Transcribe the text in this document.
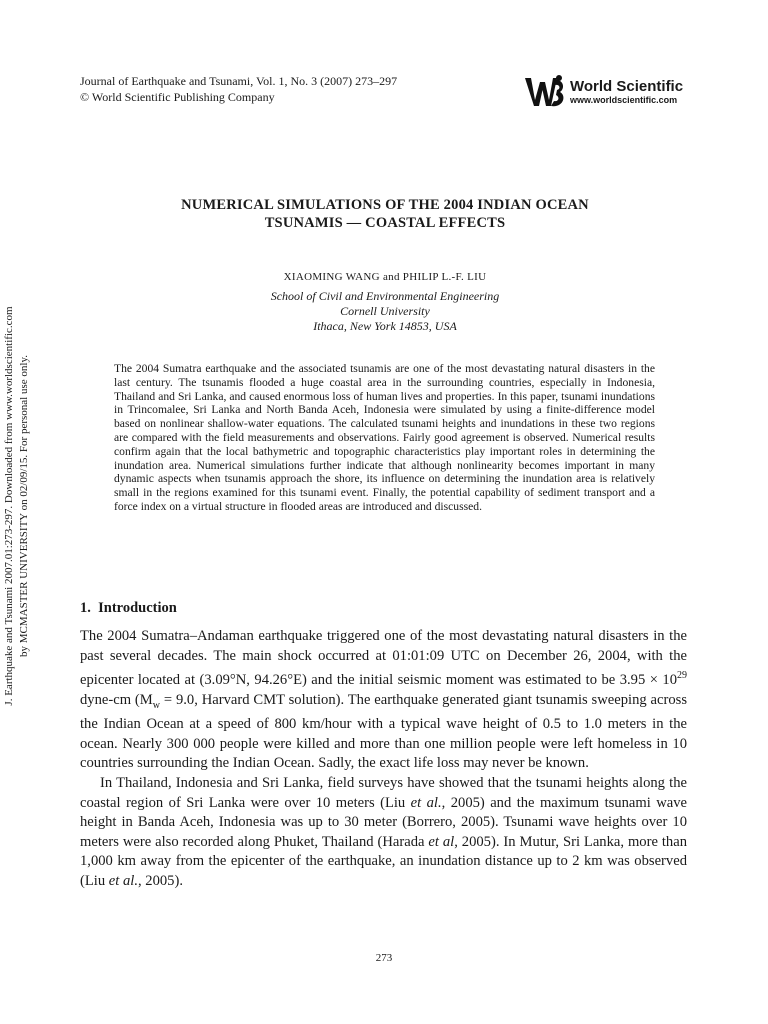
Journal of Earthquake and Tsunami, Vol. 1, No. 3 (2007) 273–297
© World Scientific Publishing Company
World Scientific
www.worldscientific.com
J. Earthquake and Tsunami 2007.01:273-297. Downloaded from www.worldscientific.com by MCMASTER UNIVERSITY on 02/09/15. For personal use only.
NUMERICAL SIMULATIONS OF THE 2004 INDIAN OCEAN
TSUNAMIS — COASTAL EFFECTS
XIAOMING WANG and PHILIP L.-F. LIU
School of Civil and Environmental Engineering
Cornell University
Ithaca, New York 14853, USA
The 2004 Sumatra earthquake and the associated tsunamis are one of the most devastating natural disasters in the last century. The tsunamis flooded a huge coastal area in the surrounding countries, especially in Indonesia, Thailand and Sri Lanka, and caused enormous loss of human lives and properties. In this paper, tsunami inundations in Trincomalee, Sri Lanka and North Banda Aceh, Indonesia were simulated by using a finite-difference model based on nonlinear shallow-water equations. The calculated tsunami heights and inundations in these two regions are compared with the field measurements and observations. Fairly good agreement is observed. Numerical results confirm again that the local bathymetric and topographic characteristics play important roles in determining the inundation area. Numerical simulations further indicate that although nonlinearity becomes important in many dynamic aspects when tsunamis approach the shore, its influence on determining the inundation area is relatively small in the regions examined for this tsunami event. Finally, the potential capability of sediment transport and a force index on a virtual structure in flooded areas are introduced and discussed.
1. Introduction

The 2004 Sumatra–Andaman earthquake triggered one of the most devastating natural disasters in the past several decades. The main shock occurred at 01:01:09 UTC on December 26, 2004, with the epicenter located at (3.09°N, 94.26°E) and the initial seismic moment was estimated to be $3.95 \times 10^{29}$ dyne-cm ($M_w = 9.0$, Harvard CMT solution). The earthquake generated giant tsunamis sweeping across the Indian Ocean at a speed of 800 km/hour with a typical wave height of 0.5 to 1.0 meters in the ocean. Nearly 300 000 people were killed and more than one million people were left homeless in 10 countries surrounding the Indian Ocean. Sadly, the exact life loss may never be known.

In Thailand, Indonesia and Sri Lanka, field surveys have showed that the tsunami heights along the coastal region of Sri Lanka were over 10 meters (Liu et al., 2005) and the maximum tsunami wave height in Banda Aceh, Indonesia was up to 30 meter (Borrero, 2005). Tsunami wave heights over 10 meters were also recorded along Phuket, Thailand (Harada et al, 2005). In Mutur, Sri Lanka, more than 1,000 km away from the epicenter of the earthquake, an inundation distance up to 2 km was observed (Liu et al., 2005).

273
